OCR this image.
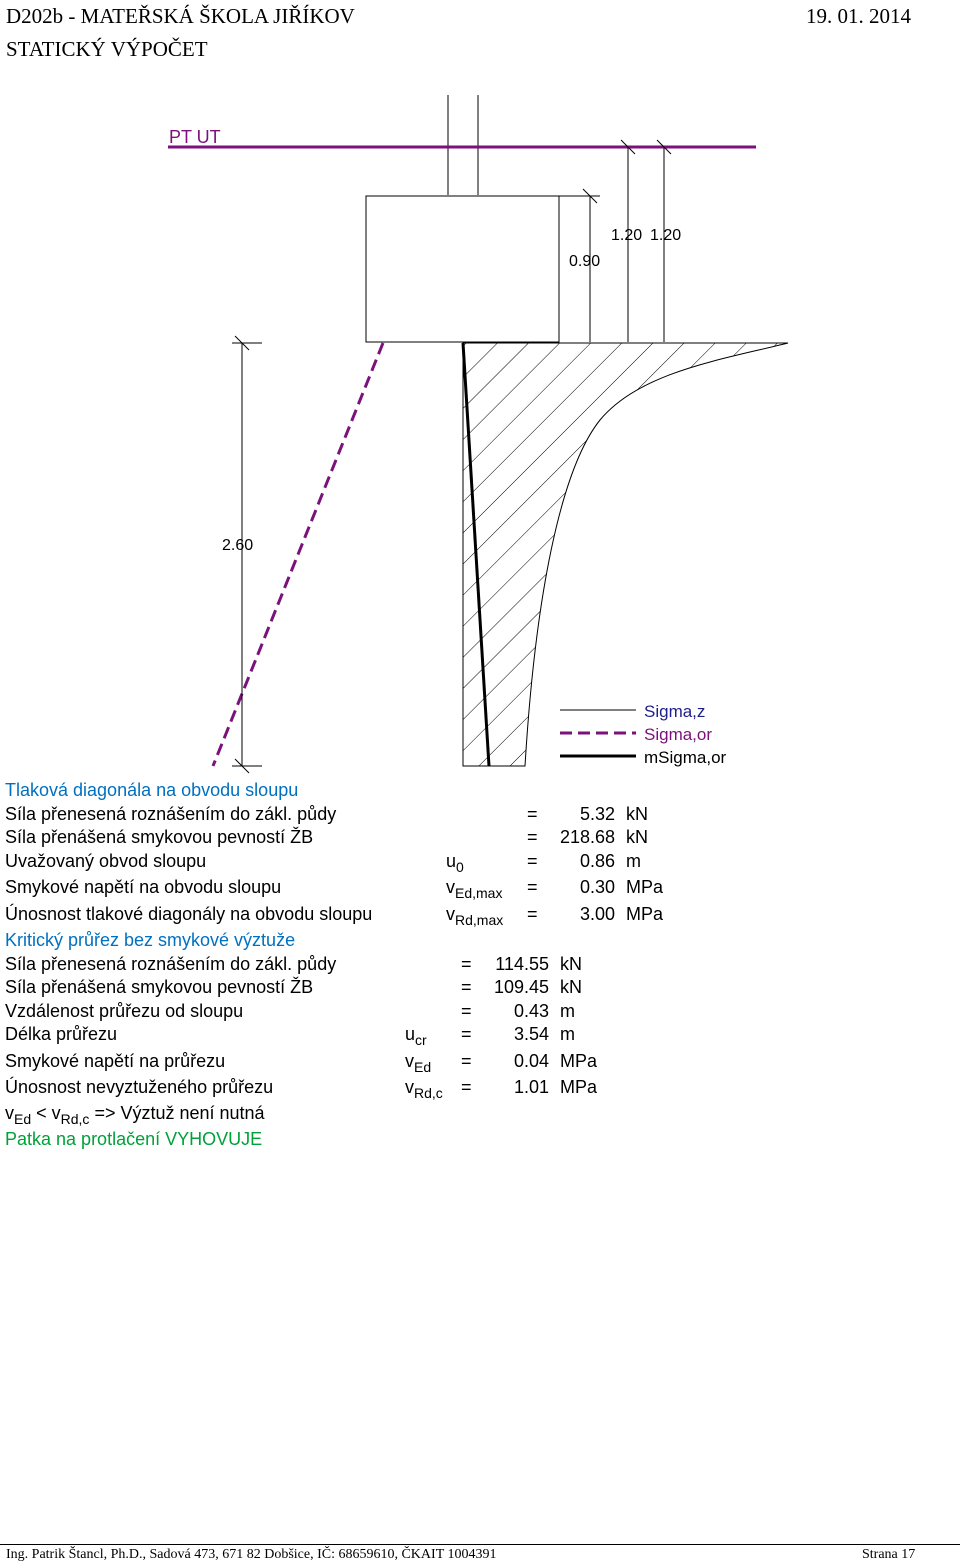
D202b - MATEŘSKÁ ŠKOLA JIŘÍKOV	19. 01. 2014
STATICKÝ VÝPOČET
PT UT
0.90
1.20 1.20
2.60
Sigma,z
Sigma,or
mSigma,or
Tlaková diagonála na obvodu sloupu
Síla přenesená roznášením do zákl. půdy	=	5.32 kN
Síla přenášená smykovou pevností ŽB	=	218.68 kN
Uvažovaný obvod sloupu	$u_0$	=	0.86 m
Smykové napětí na obvodu sloupu	$v_{Ed,max}$ =	0.30 MPa
Únosnost tlakové diagonály na obvodu sloupu	$v_{Rd,max}$ =	3.00 MPa
Kritický průřez bez smykové výztuže
Síla přenesená roznášením do zákl. půdy	=	114.55 kN
Síla přenášená smykovou pevností ŽB	=	109.45 kN
Vzdálenost průřezu od sloupu	=	0.43 m
Délka průřezu	$u_{cr}$ =	3.54 m
Smykové napětí na průřezu	$v_{Ed}$ =	0.04 MPa
Únosnost nevyztuženého průřezu	$v_{Rd,c}$ =	1.01 MPa
$v_{Ed} < v_{Rd,c}$ => Výztuž není nutná
Patka na protlačení VYHOVUJE
Ing. Patrik Štancl, Ph.D., Sadová 473, 671 82 Dobšice, IČ: 68659610, ČKAIT 1004391	Strana 17
